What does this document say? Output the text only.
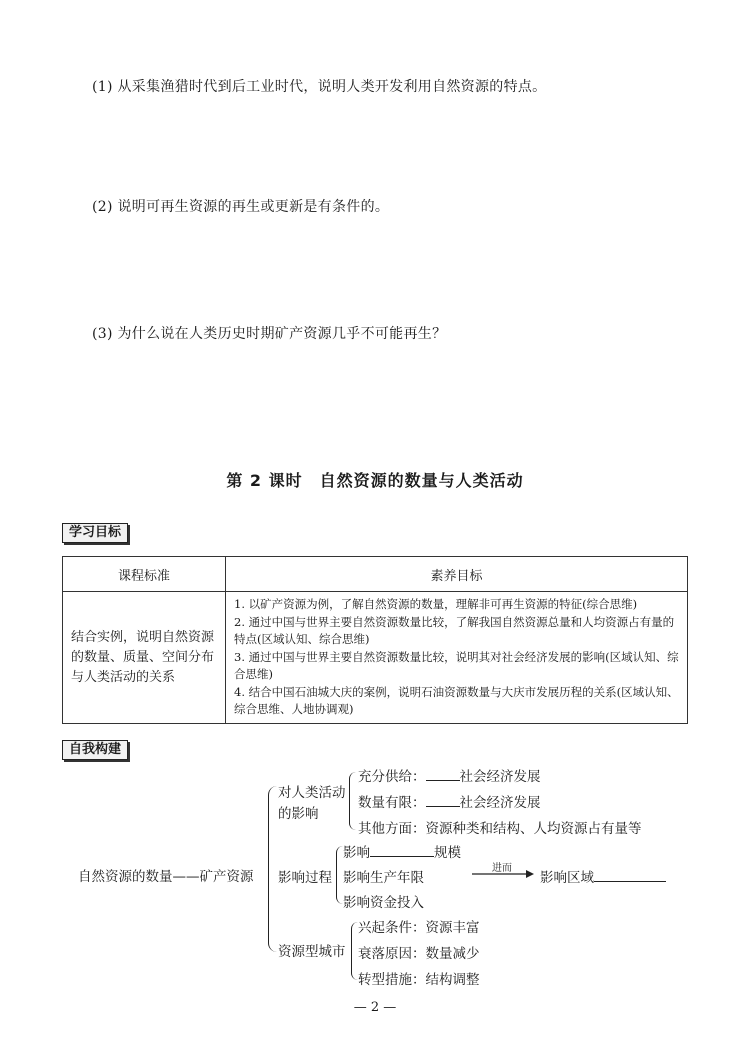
(1) 从采集渔猎时代到后工业时代，说明人类开发利用自然资源的特点。
(2) 说明可再生资源的再生或更新是有条件的。
(3) 为什么说在人类历史时期矿产资源几乎不可能再生？
第 2 课时　自然资源的数量与人类活动
学习目标
课程标准	素养目标
结合实例，说明自然资源的数量、质量、空间分布与人类活动的关系	1. 以矿产资源为例，了解自然资源的数量，理解非可再生资源的特征(综合思维)
2. 通过中国与世界主要自然资源数量比较，了解我国自然资源总量和人均资源占有量的特点(区域认知、综合思维)
3. 通过中国与世界主要自然资源数量比较，说明其对社会经济发展的影响(区域认知、综合思维)
4. 结合中国石油城大庆的案例，说明石油资源数量与大庆市发展历程的关系(区域认知、综合思维、人地协调观)
自我构建
自然资源的数量——矿产资源
对人类活动
的影响
充分供给：	社会经济发展
数量有限：	社会经济发展
其他方面：资源种类和结构、人均资源占有量等
影响过程
影响	规模
影响生产年限
影响资金投入
进而
影响区域
资源型城市
兴起条件：资源丰富
衰落原因：数量减少
转型措施：结构调整
— 2 —
